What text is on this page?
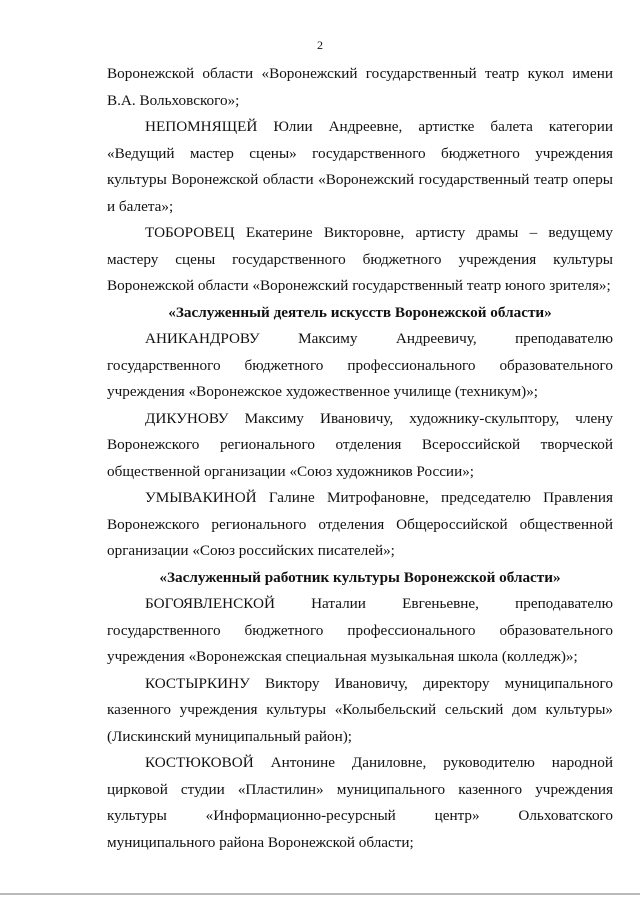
2

Воронежской области «Воронежский государственный театр кукол имени В.А. Вольховского»;

НЕПОМНЯЩЕЙ Юлии Андреевне, артистке балета категории «Ведущий мастер сцены» государственного бюджетного учреждения культуры Воронежской области «Воронежский государственный театр оперы и балета»;

ТОБОРОВЕЦ Екатерине Викторовне, артисту драмы – ведущему мастеру сцены государственного бюджетного учреждения культуры Воронежской области «Воронежский государственный театр юного зрителя»;

«Заслуженный деятель искусств Воронежской области»

АНИКАНДРОВУ Максиму Андреевичу, преподавателю государственного бюджетного профессионального образовательного учреждения «Воронежское художественное училище (техникум)»;

ДИКУНОВУ Максиму Ивановичу, художнику-скульптору, члену Воронежского регионального отделения Всероссийской творческой общественной организации «Союз художников России»;

УМЫВАКИНОЙ Галине Митрофановне, председателю Правления Воронежского регионального отделения Общероссийской общественной организации «Союз российских писателей»;

«Заслуженный работник культуры Воронежской области»

БОГОЯВЛЕНСКОЙ Наталии Евгеньевне, преподавателю государственного бюджетного профессионального образовательного учреждения «Воронежская специальная музыкальная школа (колледж)»;

КОСТЫРКИНУ Виктору Ивановичу, директору муниципального казенного учреждения культуры «Колыбельский сельский дом культуры» (Лискинский муниципальный район);

КОСТЮКОВОЙ Антонине Даниловне, руководителю народной цирковой студии «Пластилин» муниципального казенного учреждения культуры «Информационно-ресурсный центр» Ольховатского муниципального района Воронежской области;
